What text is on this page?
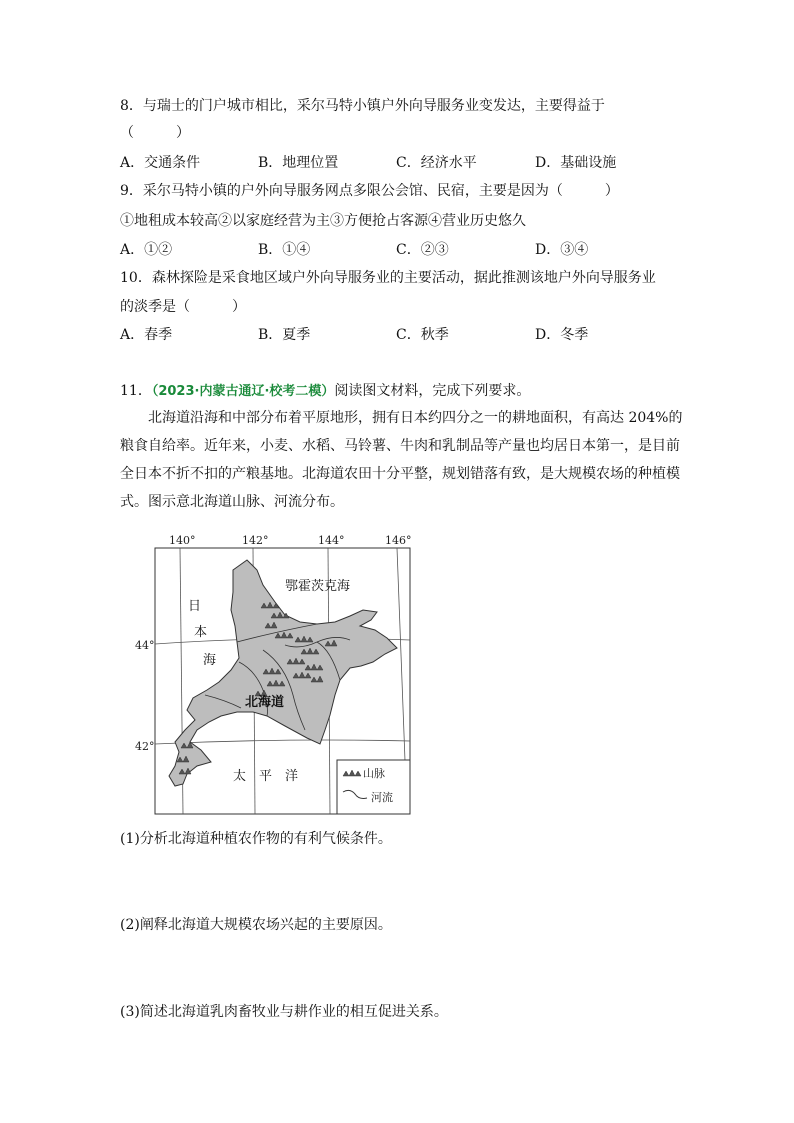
8．与瑞士的门户城市相比，采尔马特小镇户外向导服务业变发达，主要得益于
（　　　）
A．交通条件	B．地理位置	C．经济水平	D．基础设施
9．采尔马特小镇的户外向导服务网点多限公会馆、民宿，主要是因为（　　　）
①地租成本较高②以家庭经营为主③方便抢占客源④营业历史悠久
A．①②	B．①④	C．②③	D．③④
10．森林探险是采食地区域户外向导服务业的主要活动，据此推测该地户外向导服务业
的淡季是（　　　）
A．春季	B．夏季	C．秋季	D．冬季
11．（2023·内蒙古通辽·校考二模）阅读图文材料，完成下列要求。
北海道沿海和中部分布着平原地形，拥有日本约四分之一的耕地面积，有高达 204%的粮食自给率。近年来，小麦、水稻、马铃薯、牛肉和乳制品等产量也均居日本第一，是目前全日本不折不扣的产粮基地。北海道农田十分平整，规划错落有致，是大规模农场的种植模式。图示意北海道山脉、河流分布。
140°	142°	144°	146°
44°
42°
鄂霍茨克海
日
本
海
北海道
太　平　洋	山脉
河流
(1)分析北海道种植农作物的有利气候条件。
(2)阐释北海道大规模农场兴起的主要原因。
(3)简述北海道乳肉畜牧业与耕作业的相互促进关系。
